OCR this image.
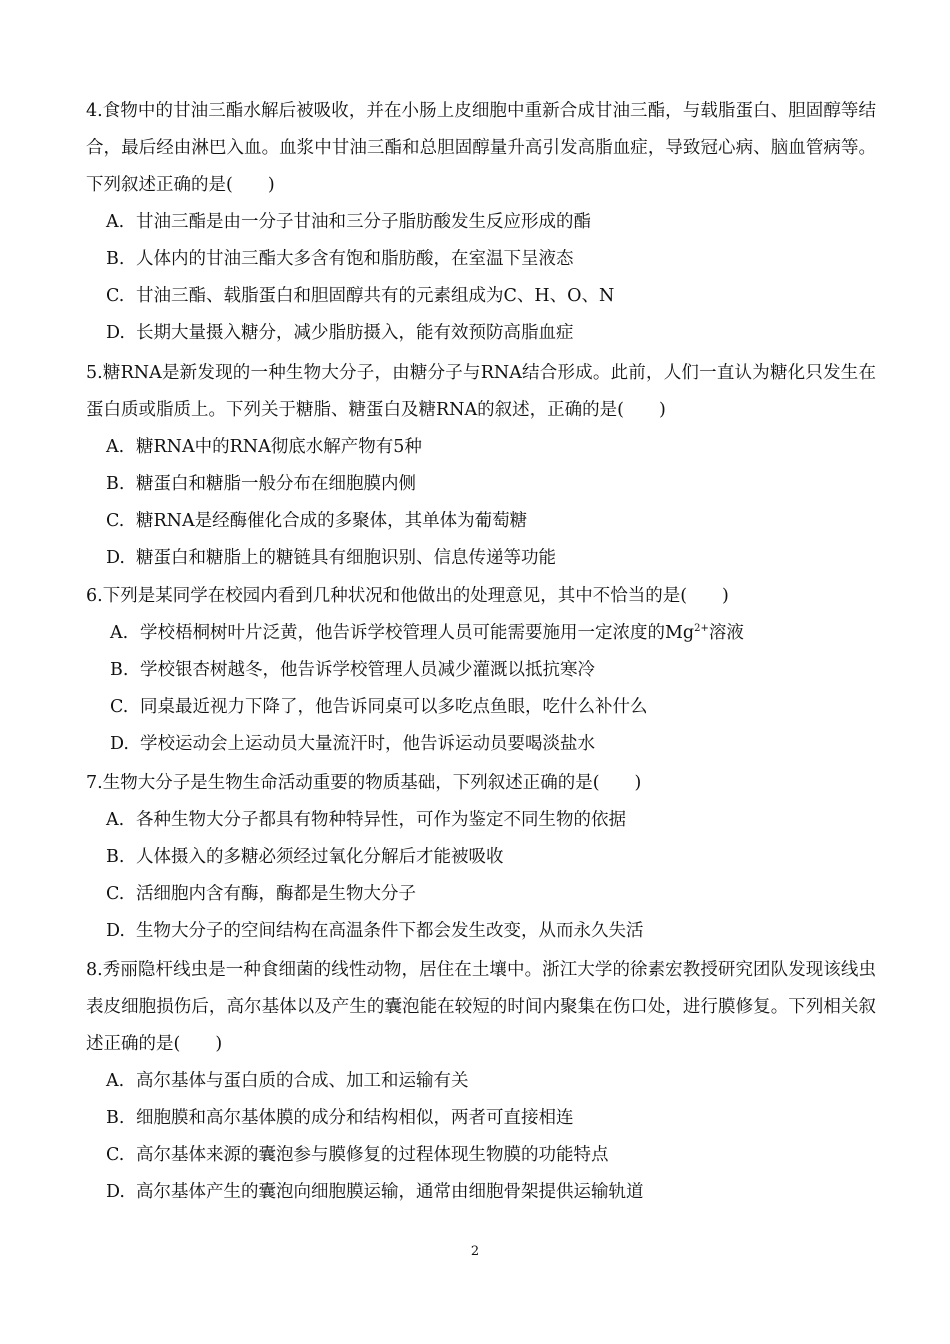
4.食物中的甘油三酯水解后被吸收，并在小肠上皮细胞中重新合成甘油三酯，与载脂蛋白、胆固醇等结合，最后经由淋巴入血。血浆中甘油三酯和总胆固醇量升高引发高脂血症，导致冠心病、脑血管病等。下列叙述正确的是(　　)

A. 甘油三酯是由一分子甘油和三分子脂肪酸发生反应形成的酯

B. 人体内的甘油三酯大多含有饱和脂肪酸，在室温下呈液态

C. 甘油三酯、载脂蛋白和胆固醇共有的元素组成为C、H、O、N

D. 长期大量摄入糖分，减少脂肪摄入，能有效预防高脂血症

5.糖RNA是新发现的一种生物大分子，由糖分子与RNA结合形成。此前，人们一直认为糖化只发生在蛋白质或脂质上。下列关于糖脂、糖蛋白及糖RNA的叙述，正确的是(　　)

A. 糖RNA中的RNA彻底水解产物有5种

B. 糖蛋白和糖脂一般分布在细胞膜内侧

C. 糖RNA是经酶催化合成的多聚体，其单体为葡萄糖

D. 糖蛋白和糖脂上的糖链具有细胞识别、信息传递等功能

6.下列是某同学在校园内看到几种状况和他做出的处理意见，其中不恰当的是(　　)

A. 学校梧桐树叶片泛黄，他告诉学校管理人员可能需要施用一定浓度的$Mg^{2+}$溶液

B. 学校银杏树越冬，他告诉学校管理人员减少灌溉以抵抗寒冷

C. 同桌最近视力下降了，他告诉同桌可以多吃点鱼眼，吃什么补什么

D. 学校运动会上运动员大量流汗时，他告诉运动员要喝淡盐水

7.生物大分子是生物生命活动重要的物质基础，下列叙述正确的是(　　)

A. 各种生物大分子都具有物种特异性，可作为鉴定不同生物的依据

B. 人体摄入的多糖必须经过氧化分解后才能被吸收

C. 活细胞内含有酶，酶都是生物大分子

D. 生物大分子的空间结构在高温条件下都会发生改变，从而永久失活

8.秀丽隐杆线虫是一种食细菌的线性动物，居住在土壤中。浙江大学的徐素宏教授研究团队发现该线虫表皮细胞损伤后，高尔基体以及产生的囊泡能在较短的时间内聚集在伤口处，进行膜修复。下列相关叙述正确的是(　　)

A. 高尔基体与蛋白质的合成、加工和运输有关

B. 细胞膜和高尔基体膜的成分和结构相似，两者可直接相连

C. 高尔基体来源的囊泡参与膜修复的过程体现生物膜的功能特点

D. 高尔基体产生的囊泡向细胞膜运输，通常由细胞骨架提供运输轨道

2
